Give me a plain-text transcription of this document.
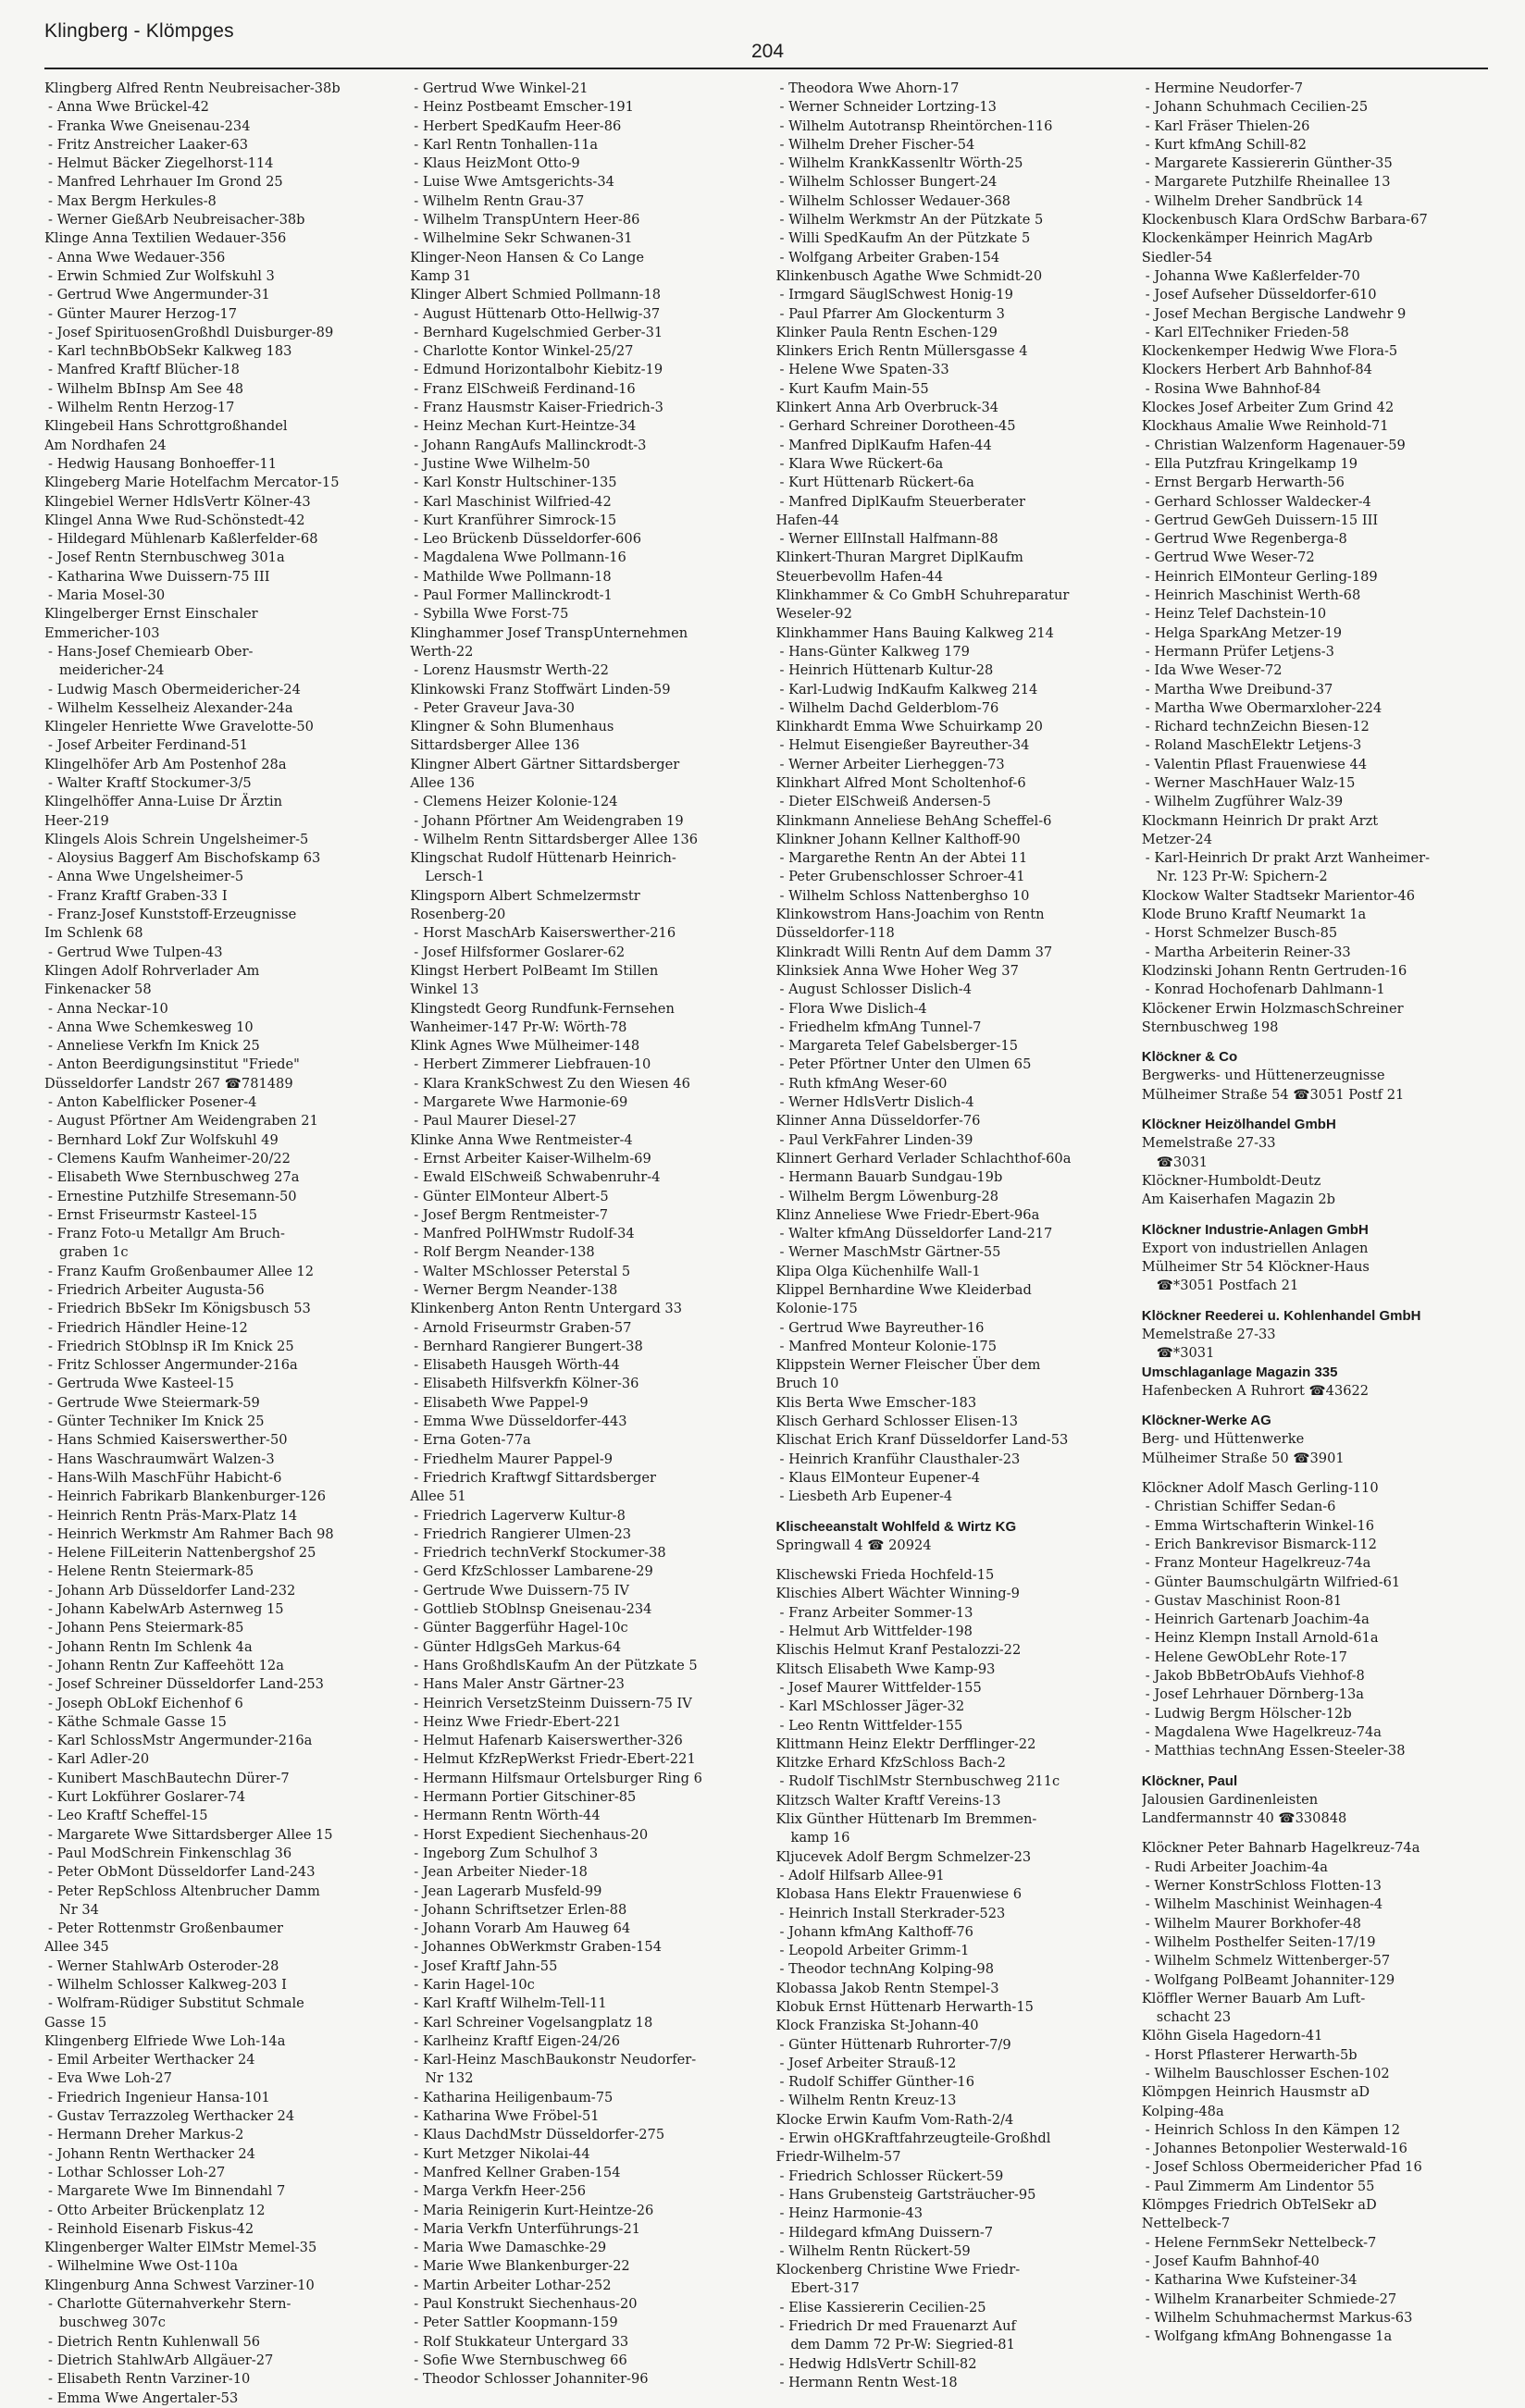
Klingberg - Klömpges
204
Klingberg Alfred Rentn Neubreisacher-38b
- Anna Wwe Brückel-42
- Franka Wwe Gneisenau-234
- Fritz Anstreicher Laaker-63
- Helmut Bäcker Ziegelhorst-114
- Manfred Lehrhauer Im Grond 25
- Max Bergm Herkules-8
- Werner GießArb Neubreisacher-38b
Klinge Anna Textilien Wedauer-356
- Anna Wwe Wedauer-356
- Erwin Schmied Zur Wolfskuhl 3
- Gertrud Wwe Angermunder-31
- Günter Maurer Herzog-17
- Josef SpirituosenGroßhdl Duisburger-89
- Karl technBbObSekr Kalkweg 183
- Manfred Kraftf Blücher-18
- Wilhelm BbInsp Am See 48
- Wilhelm Rentn Herzog-17
Klingebeil Hans Schrottgroßhandel
Am Nordhafen 24
- Hedwig Hausang Bonhoeffer-11
Klingeberg Marie Hotelfachm Mercator-15
Klingebiel Werner HdlsVertr Kölner-43
Klingel Anna Wwe Rud-Schönstedt-42
- Hildegard Mühlenarb Kaßlerfelder-68
- Josef Rentn Sternbuschweg 301a
- Katharina Wwe Duissern-75 III
- Maria Mosel-30
Klingelberger Ernst Einschaler
Emmericher-103
- Hans-Josef Chemiearb Ober-
meidericher-24
- Ludwig Masch Obermeidericher-24
- Wilhelm Kesselheiz Alexander-24a
Klingeler Henriette Wwe Gravelotte-50
- Josef Arbeiter Ferdinand-51
Klingelhöfer Arb Am Postenhof 28a
- Walter Kraftf Stockumer-3/5
Klingelhöffer Anna-Luise Dr Ärztin
Heer-219
Klingels Alois Schrein Ungelsheimer-5
- Aloysius Baggerf Am Bischofskamp 63
- Anna Wwe Ungelsheimer-5
- Franz Kraftf Graben-33 I
- Franz-Josef Kunststoff-Erzeugnisse
Im Schlenk 68
- Gertrud Wwe Tulpen-43
Klingen Adolf Rohrverlader Am
Finkenacker 58
- Anna Neckar-10
- Anna Wwe Schemkesweg 10
- Anneliese Verkfn Im Knick 25
- Anton Beerdigungsinstitut "Friede"
Düsseldorfer Landstr 267 ☎781489
- Anton Kabelflicker Posener-4
- August Pförtner Am Weidengraben 21
- Bernhard Lokf Zur Wolfskuhl 49
- Clemens Kaufm Wanheimer-20/22
- Elisabeth Wwe Sternbuschweg 27a
- Ernestine Putzhilfe Stresemann-50
- Ernst Friseurmstr Kasteel-15
- Franz Foto-u Metallgr Am Bruch-
graben 1c
- Franz Kaufm Großenbaumer Allee 12
- Friedrich Arbeiter Augusta-56
- Friedrich BbSekr Im Königsbusch 53
- Friedrich Händler Heine-12
- Friedrich StOblnsp iR Im Knick 25
- Fritz Schlosser Angermunder-216a
- Gertruda Wwe Kasteel-15
- Gertrude Wwe Steiermark-59
- Günter Techniker Im Knick 25
- Hans Schmied Kaiserswerther-50
- Hans Waschraumwärt Walzen-3
- Hans-Wilh MaschFühr Habicht-6
- Heinrich Fabrikarb Blankenburger-126
- Heinrich Rentn Präs-Marx-Platz 14
- Heinrich Werkmstr Am Rahmer Bach 98
- Helene FilLeiterin Nattenbergshof 25
- Helene Rentn Steiermark-85
- Johann Arb Düsseldorfer Land-232
- Johann KabelwArb Asternweg 15
- Johann Pens Steiermark-85
- Johann Rentn Im Schlenk 4a
- Johann Rentn Zur Kaffeehött 12a
- Josef Schreiner Düsseldorfer Land-253
- Joseph ObLokf Eichenhof 6
- Käthe Schmale Gasse 15
- Karl SchlossMstr Angermunder-216a
- Karl Adler-20
- Kunibert MaschBautechn Dürer-7
- Kurt Lokführer Goslarer-74
- Leo Kraftf Scheffel-15
- Margarete Wwe Sittardsberger Allee 15
- Paul ModSchrein Finkenschlag 36
- Peter ObMont Düsseldorfer Land-243
- Peter RepSchloss Altenbrucher Damm
Nr 34
- Peter Rottenmstr Großenbaumer
Allee 345
- Werner StahlwArb Osteroder-28
- Wilhelm Schlosser Kalkweg-203 I
- Wolfram-Rüdiger Substitut Schmale
Gasse 15
Klingenberg Elfriede Wwe Loh-14a
- Emil Arbeiter Werthacker 24
- Eva Wwe Loh-27
- Friedrich Ingenieur Hansa-101
- Gustav Terrazzoleg Werthacker 24
- Hermann Dreher Markus-2
- Johann Rentn Werthacker 24
- Lothar Schlosser Loh-27
- Margarete Wwe Im Binnendahl 7
- Otto Arbeiter Brückenplatz 12
- Reinhold Eisenarb Fiskus-42
Klingenberger Walter ElMstr Memel-35
- Wilhelmine Wwe Ost-110a
Klingenburg Anna Schwest Varziner-10
- Charlotte Güternahverkehr Stern-
buschweg 307c
- Dietrich Rentn Kuhlenwall 56
- Dietrich StahlwArb Allgäuer-27
- Elisabeth Rentn Varziner-10
- Emma Wwe Angertaler-53
- Gertrud Wwe Winkel-21
- Heinz Postbeamt Emscher-191
- Herbert SpedKaufm Heer-86
- Karl Rentn Tonhallen-11a
- Klaus HeizMont Otto-9
- Luise Wwe Amtsgerichts-34
- Wilhelm Rentn Grau-37
- Wilhelm TranspUntern Heer-86
- Wilhelmine Sekr Schwanen-31
Klinger-Neon Hansen & Co Lange
Kamp 31
Klinger Albert Schmied Pollmann-18
- August Hüttenarb Otto-Hellwig-37
- Bernhard Kugelschmied Gerber-31
- Charlotte Kontor Winkel-25/27
- Edmund Horizontalbohr Kiebitz-19
- Franz ElSchweiß Ferdinand-16
- Franz Hausmstr Kaiser-Friedrich-3
- Heinz Mechan Kurt-Heintze-34
- Johann RangAufs Mallinckrodt-3
- Justine Wwe Wilhelm-50
- Karl Konstr Hultschiner-135
- Karl Maschinist Wilfried-42
- Kurt Kranführer Simrock-15
- Leo Brückenb Düsseldorfer-606
- Magdalena Wwe Pollmann-16
- Mathilde Wwe Pollmann-18
- Paul Former Mallinckrodt-1
- Sybilla Wwe Forst-75
Klinghammer Josef TranspUnternehmen
Werth-22
- Lorenz Hausmstr Werth-22
Klinkowski Franz Stoffwärt Linden-59
- Peter Graveur Java-30
Klingner & Sohn Blumenhaus
Sittardsberger Allee 136
Klingner Albert Gärtner Sittardsberger
Allee 136
- Clemens Heizer Kolonie-124
- Johann Pförtner Am Weidengraben 19
- Wilhelm Rentn Sittardsberger Allee 136
Klingschat Rudolf Hüttenarb Heinrich-
Lersch-1
Klingsporn Albert Schmelzermstr
Rosenberg-20
- Horst MaschArb Kaiserswerther-216
- Josef Hilfsformer Goslarer-62
Klingst Herbert PolBeamt Im Stillen
Winkel 13
Klingstedt Georg Rundfunk-Fernsehen
Wanheimer-147 Pr-W: Wörth-78
Klink Agnes Wwe Mülheimer-148
- Herbert Zimmerer Liebfrauen-10
- Klara KrankSchwest Zu den Wiesen 46
- Margarete Wwe Harmonie-69
- Paul Maurer Diesel-27
Klinke Anna Wwe Rentmeister-4
- Ernst Arbeiter Kaiser-Wilhelm-69
- Ewald ElSchweiß Schwabenruhr-4
- Günter ElMonteur Albert-5
- Josef Bergm Rentmeister-7
- Manfred PolHWmstr Rudolf-34
- Rolf Bergm Neander-138
- Walter MSchlosser Peterstal 5
- Werner Bergm Neander-138
Klinkenberg Anton Rentn Untergard 33
- Arnold Friseurmstr Graben-57
- Bernhard Rangierer Bungert-38
- Elisabeth Hausgeh Wörth-44
- Elisabeth Hilfsverkfn Kölner-36
- Elisabeth Wwe Pappel-9
- Emma Wwe Düsseldorfer-443
- Erna Goten-77a
- Friedhelm Maurer Pappel-9
- Friedrich Kraftwgf Sittardsberger
Allee 51
- Friedrich Lagerverw Kultur-8
- Friedrich Rangierer Ulmen-23
- Friedrich technVerkf Stockumer-38
- Gerd KfzSchlosser Lambarene-29
- Gertrude Wwe Duissern-75 IV
- Gottlieb StOblnsp Gneisenau-234
- Günter Baggerführ Hagel-10c
- Günter HdlgsGeh Markus-64
- Hans GroßhdlsKaufm An der Pützkate 5
- Hans Maler Anstr Gärtner-23
- Heinrich VersetzSteinm Duissern-75 IV
- Heinz Wwe Friedr-Ebert-221
- Helmut Hafenarb Kaiserswerther-326
- Helmut KfzRepWerkst Friedr-Ebert-221
- Hermann Hilfsmaur Ortelsburger Ring 6
- Hermann Portier Gitschiner-85
- Hermann Rentn Wörth-44
- Horst Expedient Siechenhaus-20
- Ingeborg Zum Schulhof 3
- Jean Arbeiter Nieder-18
- Jean Lagerarb Musfeld-99
- Johann Schriftsetzer Erlen-88
- Johann Vorarb Am Hauweg 64
- Johannes ObWerkmstr Graben-154
- Josef Kraftf Jahn-55
- Karin Hagel-10c
- Karl Kraftf Wilhelm-Tell-11
- Karl Schreiner Vogelsangplatz 18
- Karlheinz Kraftf Eigen-24/26
- Karl-Heinz MaschBaukonstr Neudorfer-
Nr 132
- Katharina Heiligenbaum-75
- Katharina Wwe Fröbel-51
- Klaus DachdMstr Düsseldorfer-275
- Kurt Metzger Nikolai-44
- Manfred Kellner Graben-154
- Marga Verkfn Heer-256
- Maria Reinigerin Kurt-Heintze-26
- Maria Verkfn Unterführungs-21
- Maria Wwe Damaschke-29
- Marie Wwe Blankenburger-22
- Martin Arbeiter Lothar-252
- Paul Konstrukt Siechenhaus-20
- Peter Sattler Koopmann-159
- Rolf Stukkateur Untergard 33
- Sofie Wwe Sternbuschweg 66
- Theodor Schlosser Johanniter-96
- Theodora Wwe Ahorn-17
- Werner Schneider Lortzing-13
- Wilhelm Autotransp Rheintörchen-116
- Wilhelm Dreher Fischer-54
- Wilhelm KrankKassenltr Wörth-25
- Wilhelm Schlosser Bungert-24
- Wilhelm Schlosser Wedauer-368
- Wilhelm Werkmstr An der Pützkate 5
- Willi SpedKaufm An der Pützkate 5
- Wolfgang Arbeiter Graben-154
Klinkenbusch Agathe Wwe Schmidt-20
- Irmgard SäuglSchwest Honig-19
- Paul Pfarrer Am Glockenturm 3
Klinker Paula Rentn Eschen-129
Klinkers Erich Rentn Müllersgasse 4
- Helene Wwe Spaten-33
- Kurt Kaufm Main-55
Klinkert Anna Arb Overbruck-34
- Gerhard Schreiner Dorotheen-45
- Manfred DiplKaufm Hafen-44
- Klara Wwe Rückert-6a
- Kurt Hüttenarb Rückert-6a
- Manfred DiplKaufm Steuerberater
Hafen-44
- Werner EllInstall Halfmann-88
Klinkert-Thuran Margret DiplKaufm
Steuerbevollm Hafen-44
Klinkhammer & Co GmbH Schuhreparatur
Weseler-92
Klinkhammer Hans Bauing Kalkweg 214
- Hans-Günter Kalkweg 179
- Heinrich Hüttenarb Kultur-28
- Karl-Ludwig IndKaufm Kalkweg 214
- Wilhelm Dachd Gelderblom-76
Klinkhardt Emma Wwe Schuirkamp 20
- Helmut Eisengießer Bayreuther-34
- Werner Arbeiter Lierheggen-73
Klinkhart Alfred Mont Scholtenhof-6
- Dieter ElSchweiß Andersen-5
Klinkmann Anneliese BehAng Scheffel-6
Klinkner Johann Kellner Kalthoff-90
- Margarethe Rentn An der Abtei 11
- Peter Grubenschlosser Schroer-41
- Wilhelm Schloss Nattenberghso 10
Klinkowstrom Hans-Joachim von Rentn
Düsseldorfer-118
Klinkradt Willi Rentn Auf dem Damm 37
Klinksiek Anna Wwe Hoher Weg 37
- August Schlosser Dislich-4
- Flora Wwe Dislich-4
- Friedhelm kfmAng Tunnel-7
- Margareta Telef Gabelsberger-15
- Peter Pförtner Unter den Ulmen 65
- Ruth kfmAng Weser-60
- Werner HdlsVertr Dislich-4
Klinner Anna Düsseldorfer-76
- Paul VerkFahrer Linden-39
Klinnert Gerhard Verlader Schlachthof-60a
- Hermann Bauarb Sundgau-19b
- Wilhelm Bergm Löwenburg-28
Klinz Anneliese Wwe Friedr-Ebert-96a
- Walter kfmAng Düsseldorfer Land-217
- Werner MaschMstr Gärtner-55
Klipa Olga Küchenhilfe Wall-1
Klippel Bernhardine Wwe Kleiderbad
Kolonie-175
- Gertrud Wwe Bayreuther-16
- Manfred Monteur Kolonie-175
Klippstein Werner Fleischer Über dem
Bruch 10
Klis Berta Wwe Emscher-183
Klisch Gerhard Schlosser Elisen-13
Klischat Erich Kranf Düsseldorfer Land-53
- Heinrich Kranführ Clausthaler-23
- Klaus ElMonteur Eupener-4
- Liesbeth Arb Eupener-4
Klischeeanstalt Wohlfeld & Wirtz KG
Springwall 4 ☎ 20924
Klischewski Frieda Hochfeld-15
Klischies Albert Wächter Winning-9
- Franz Arbeiter Sommer-13
- Helmut Arb Wittfelder-198
Klischis Helmut Kranf Pestalozzi-22
Klitsch Elisabeth Wwe Kamp-93
- Josef Maurer Wittfelder-155
- Karl MSchlosser Jäger-32
- Leo Rentn Wittfelder-155
Klittmann Heinz Elektr Derfflinger-22
Klitzke Erhard KfzSchloss Bach-2
- Rudolf TischlMstr Sternbuschweg 211c
Klitzsch Walter Kraftf Vereins-13
Klix Günther Hüttenarb Im Bremmen-
kamp 16
Kljucevek Adolf Bergm Schmelzer-23
- Adolf Hilfsarb Allee-91
Klobasa Hans Elektr Frauenwiese 6
- Heinrich Install Sterkrader-523
- Johann kfmAng Kalthoff-76
- Leopold Arbeiter Grimm-1
- Theodor technAng Kolping-98
Klobassa Jakob Rentn Stempel-3
Klobuk Ernst Hüttenarb Herwarth-15
Klock Franziska St-Johann-40
- Günter Hüttenarb Ruhrorter-7/9
- Josef Arbeiter Strauß-12
- Rudolf Schiffer Günther-16
- Wilhelm Rentn Kreuz-13
Klocke Erwin Kaufm Vom-Rath-2/4
- Erwin oHGKraftfahrzeugteile-Großhdl
Friedr-Wilhelm-57
- Friedrich Schlosser Rückert-59
- Hans Grubensteig Gartsträucher-95
- Heinz Harmonie-43
- Hildegard kfmAng Duissern-7
- Wilhelm Rentn Rückert-59
Klockenberg Christine Wwe Friedr-
Ebert-317
- Elise Kassiererin Cecilien-25
- Friedrich Dr med Frauenarzt Auf
dem Damm 72 Pr-W: Siegried-81
- Hedwig HdlsVertr Schill-82
- Hermann Rentn West-18
- Hermine Neudorfer-7
- Johann Schuhmach Cecilien-25
- Karl Fräser Thielen-26
- Kurt kfmAng Schill-82
- Margarete Kassiererin Günther-35
- Margarete Putzhilfe Rheinallee 13
- Wilhelm Dreher Sandbrück 14
Klockenbusch Klara OrdSchw Barbara-67
Klockenkämper Heinrich MagArb
Siedler-54
- Johanna Wwe Kaßlerfelder-70
- Josef Aufseher Düsseldorfer-610
- Josef Mechan Bergische Landwehr 9
- Karl ElTechniker Frieden-58
Klockenkemper Hedwig Wwe Flora-5
Klockers Herbert Arb Bahnhof-84
- Rosina Wwe Bahnhof-84
Klockes Josef Arbeiter Zum Grind 42
Klockhaus Amalie Wwe Reinhold-71
- Christian Walzenform Hagenauer-59
- Ella Putzfrau Kringelkamp 19
- Ernst Bergarb Herwarth-56
- Gerhard Schlosser Waldecker-4
- Gertrud GewGeh Duissern-15 III
- Gertrud Wwe Regenberga-8
- Gertrud Wwe Weser-72
- Heinrich ElMonteur Gerling-189
- Heinrich Maschinist Werth-68
- Heinz Telef Dachstein-10
- Helga SparkAng Metzer-19
- Hermann Prüfer Letjens-3
- Ida Wwe Weser-72
- Martha Wwe Dreibund-37
- Martha Wwe Obermarxloher-224
- Richard technZeichn Biesen-12
- Roland MaschElektr Letjens-3
- Valentin Pflast Frauenwiese 44
- Werner MaschHauer Walz-15
- Wilhelm Zugführer Walz-39
Klockmann Heinrich Dr prakt Arzt
Metzer-24
- Karl-Heinrich Dr prakt Arzt Wanheimer-
Nr. 123 Pr-W: Spichern-2
Klockow Walter Stadtsekr Marientor-46
Klode Bruno Kraftf Neumarkt 1a
- Horst Schmelzer Busch-85
- Martha Arbeiterin Reiner-33
Klodzinski Johann Rentn Gertruden-16
- Konrad Hochofenarb Dahlmann-1
Klöckener Erwin HolzmaschSchreiner
Sternbuschweg 198
Klöckner & Co
Bergwerks- und Hüttenerzeugnisse
Mülheimer Straße 54 ☎3051 Postf 21
Klöckner Heizölhandel GmbH
Memelstraße 27-33
☎3031
Klöckner-Humboldt-Deutz
Am Kaiserhafen Magazin 2b
Klöckner Industrie-Anlagen GmbH
Export von industriellen Anlagen
Mülheimer Str 54 Klöckner-Haus
☎*3051 Postfach 21
Klöckner Reederei u. Kohlenhandel GmbH
Memelstraße 27-33
☎*3031
Umschlaganlage Magazin 335
Hafenbecken A Ruhrort ☎43622
Klöckner-Werke AG
Berg- und Hüttenwerke
Mülheimer Straße 50 ☎3901
Klöckner Adolf Masch Gerling-110
- Christian Schiffer Sedan-6
- Emma Wirtschafterin Winkel-16
- Erich Bankrevisor Bismarck-112
- Franz Monteur Hagelkreuz-74a
- Günter Baumschulgärtn Wilfried-61
- Gustav Maschinist Roon-81
- Heinrich Gartenarb Joachim-4a
- Heinz Klempn Install Arnold-61a
- Helene GewObLehr Rote-17
- Jakob BbBetrObAufs Viehhof-8
- Josef Lehrhauer Dörnberg-13a
- Ludwig Bergm Hölscher-12b
- Magdalena Wwe Hagelkreuz-74a
- Matthias technAng Essen-Steeler-38
Klöckner, Paul
Jalousien Gardinenleisten
Landfermannstr 40 ☎330848
Klöckner Peter Bahnarb Hagelkreuz-74a
- Rudi Arbeiter Joachim-4a
- Werner KonstrSchloss Flotten-13
- Wilhelm Maschinist Weinhagen-4
- Wilhelm Maurer Borkhofer-48
- Wilhelm Posthelfer Seiten-17/19
- Wilhelm Schmelz Wittenberger-57
- Wolfgang PolBeamt Johanniter-129
Klöffler Werner Bauarb Am Luft-
schacht 23
Klöhn Gisela Hagedorn-41
- Horst Pflasterer Herwarth-5b
- Wilhelm Bauschlosser Eschen-102
Klömpgen Heinrich Hausmstr aD
Kolping-48a
- Heinrich Schloss In den Kämpen 12
- Johannes Betonpolier Westerwald-16
- Josef Schloss Obermeidericher Pfad 16
- Paul Zimmerm Am Lindentor 55
Klömpges Friedrich ObTelSekr aD
Nettelbeck-7
- Helene FernmSekr Nettelbeck-7
- Josef Kaufm Bahnhof-40
- Katharina Wwe Kufsteiner-34
- Wilhelm Kranarbeiter Schmiede-27
- Wilhelm Schuhmachermst Markus-63
- Wolfgang kfmAng Bohnengasse 1a
